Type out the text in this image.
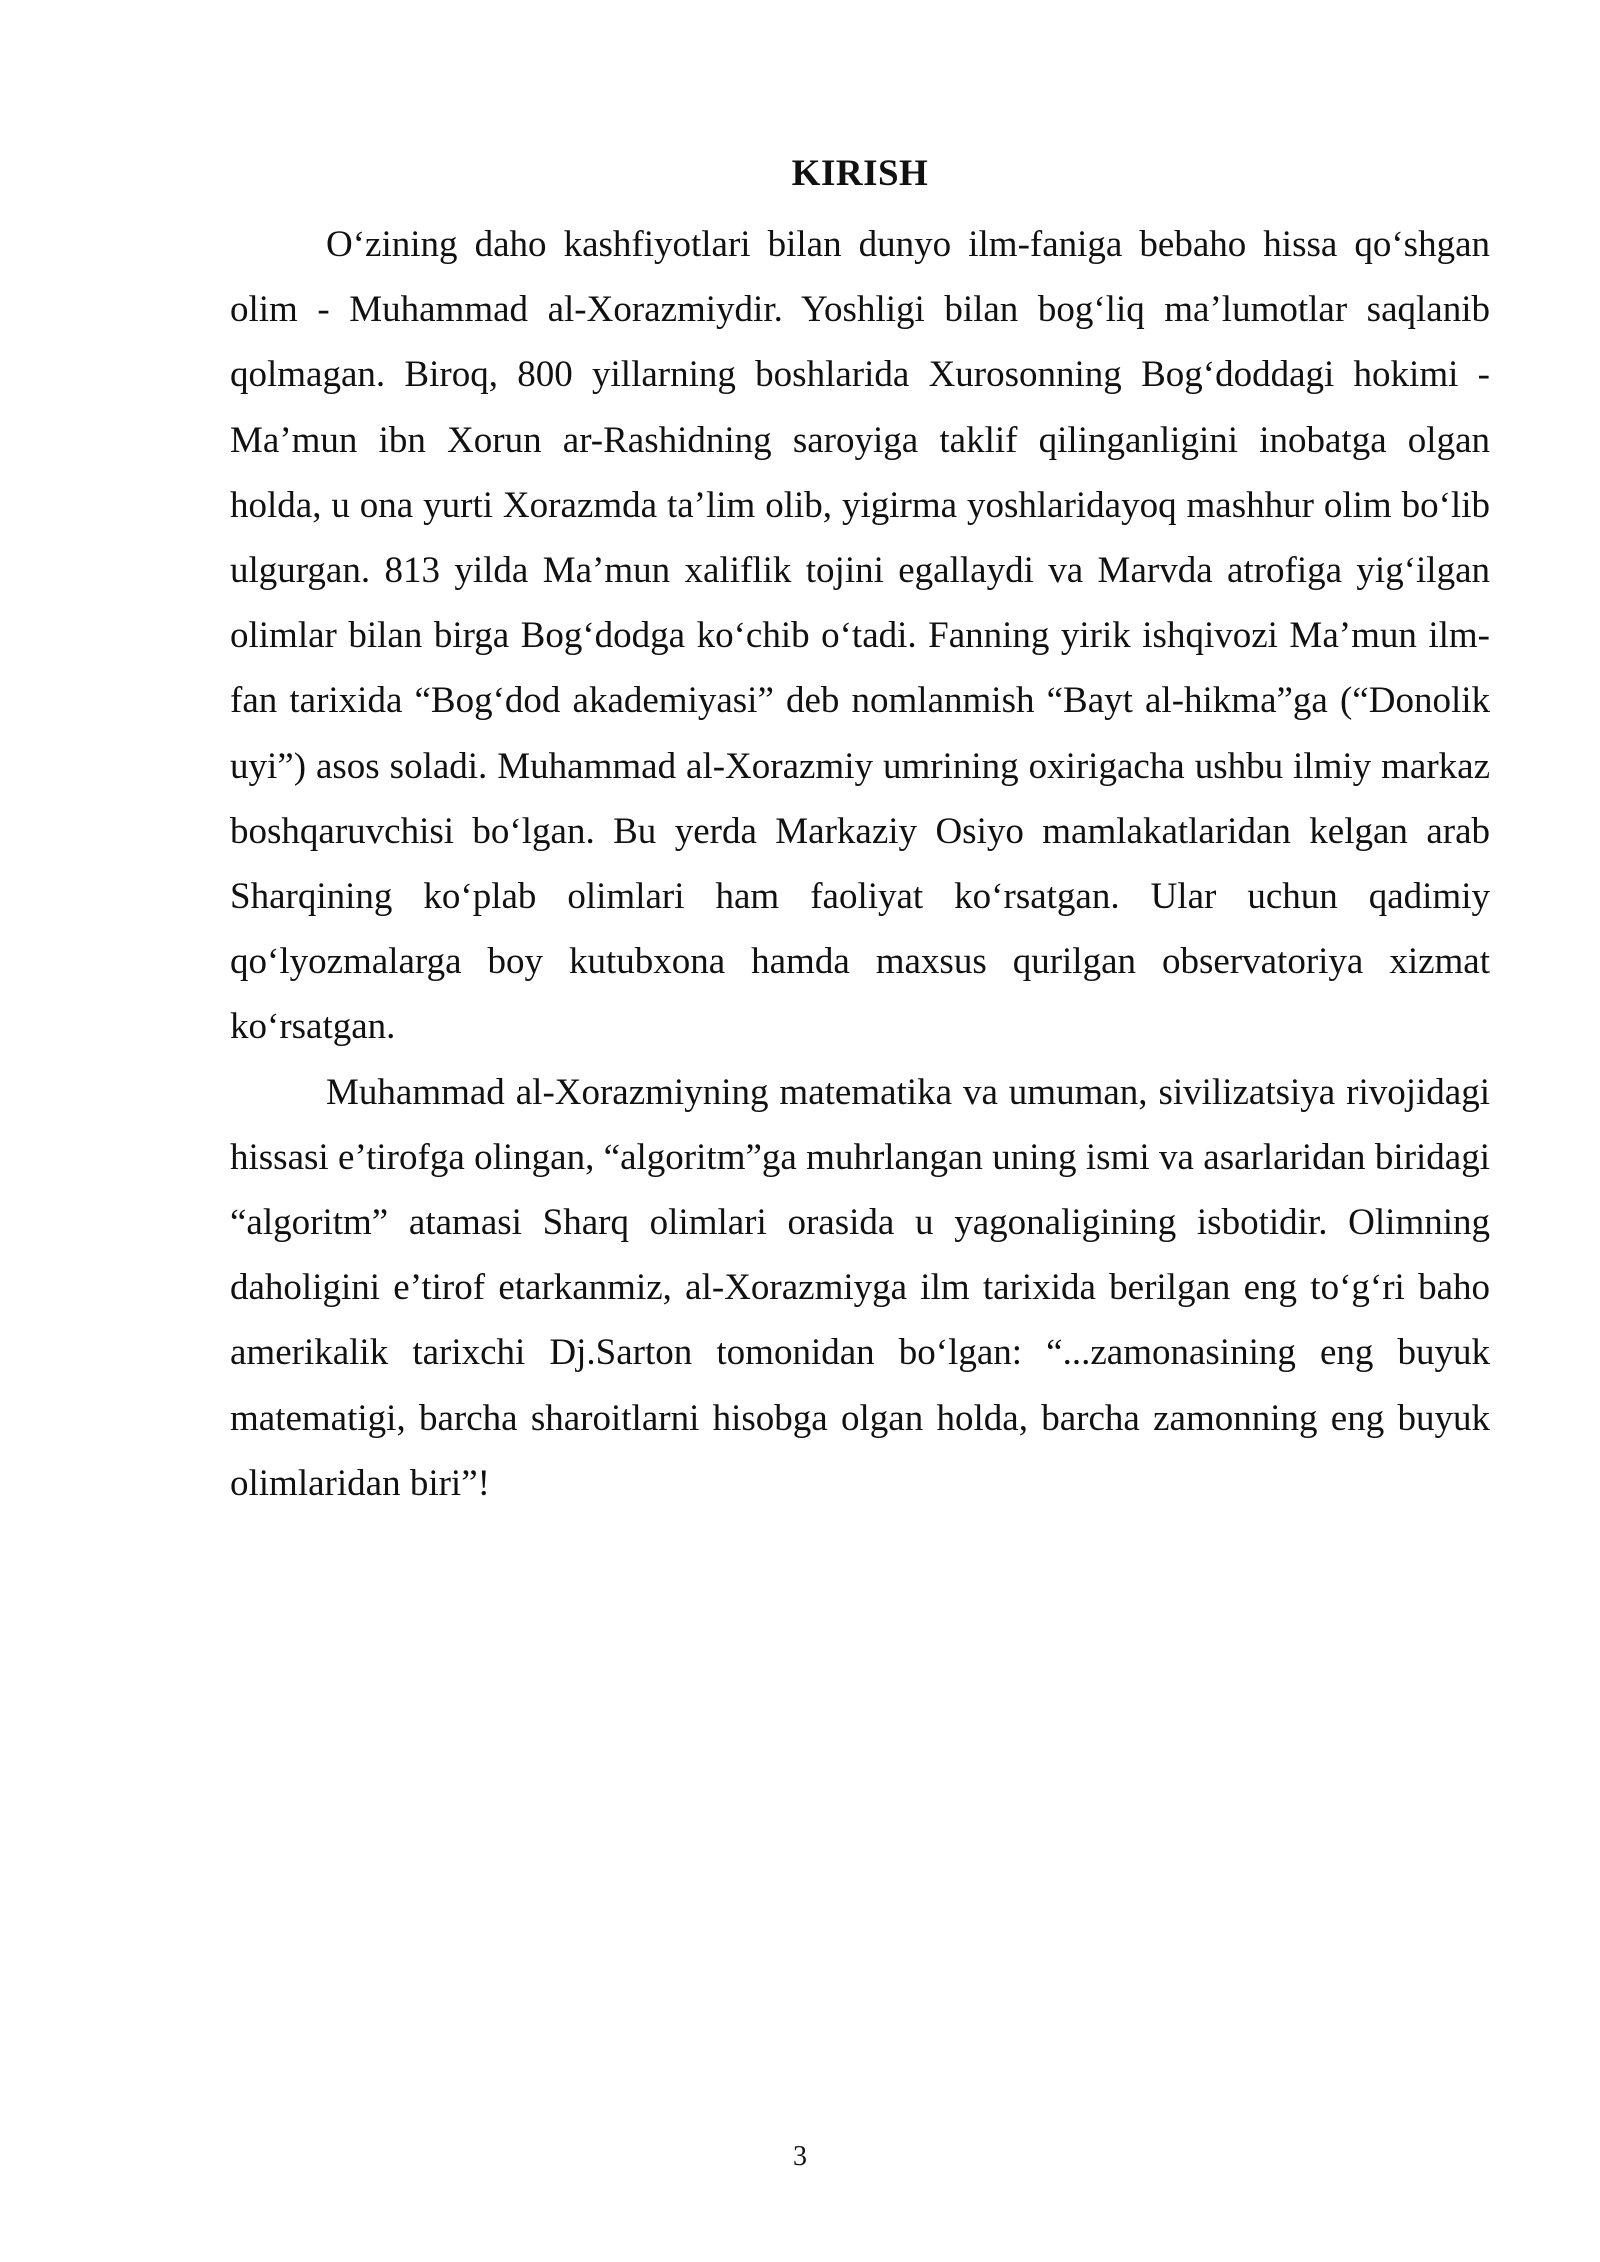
KIRISH

O‘zining daho kashfiyotlari bilan dunyo ilm-faniga bebaho hissa qo‘shgan olim - Muhammad al-Xorazmiydir. Yoshligi bilan bog‘liq ma’lumotlar saqlanib qolmagan. Biroq, 800 yillarning boshlarida Xurosonning Bog‘doddagi hokimi - Ma’mun ibn Xorun ar-Rashidning saroyiga taklif qilinganligini inobatga olgan holda, u ona yurti Xorazmda ta’lim olib, yigirma yoshlaridayoq mashhur olim bo‘lib ulgurgan. 813 yilda Ma’mun xaliflik tojini egallaydi va Marvda atrofiga yig‘ilgan olimlar bilan birga Bog‘dodga ko‘chib o‘tadi. Fanning yirik ishqivozi Ma’mun ilm-fan tarixida “Bog‘dod akademiyasi” deb nomlanmish “Bayt al-hikma”ga (“Donolik uyi”) asos soladi. Muhammad al-Xorazmiy umrining oxirigacha ushbu ilmiy markaz boshqaruvchisi bo‘lgan. Bu yerda Markaziy Osiyo mamlakatlaridan kelgan arab Sharqining ko‘plab olimlari ham faoliyat ko‘rsatgan. Ular uchun qadimiy qo‘lyozmalarga boy kutubxona hamda maxsus qurilgan observatoriya xizmat ko‘rsatgan.

Muhammad al-Xorazmiyning matematika va umuman, sivilizatsiya rivojidagi hissasi e’tirofga olingan, “algoritm”ga muhrlangan uning ismi va asarlaridan biridagi “algoritm” atamasi Sharq olimlari orasida u yagonaligining isbotidir. Olimning daholigini e’tirof etarkanmiz, al-Xorazmiyga ilm tarixida berilgan eng to‘g‘ri baho amerikalik tarixchi Dj.Sarton tomonidan bo‘lgan: “...zamonasining eng buyuk matematigi, barcha sharoitlarni hisobga olgan holda, barcha zamonning eng buyuk olimlaridan biri”!

3
